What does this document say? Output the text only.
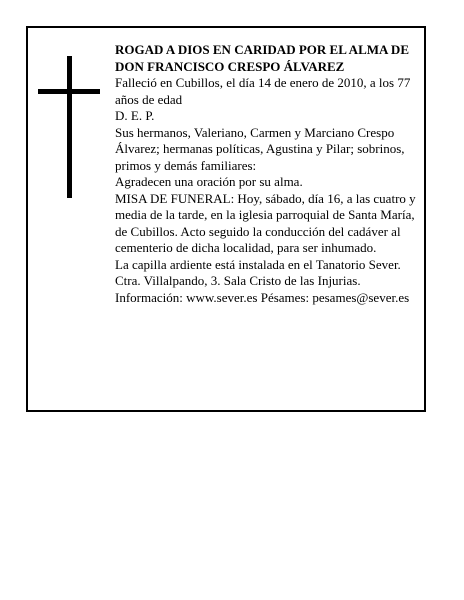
ROGAD A DIOS EN CARIDAD POR EL ALMA DE

DON FRANCISCO CRESPO ÁLVAREZ

Falleció en Cubillos, el día 14 de enero de 2010, a los 77 años de edad

D. E. P.

Sus hermanos, Valeriano, Carmen y Marciano Crespo Álvarez; hermanas políticas, Agustina y Pilar; sobrinos, primos y demás familiares:

Agradecen una oración por su alma.

MISA DE FUNERAL: Hoy, sábado, día 16, a las cuatro y media de la tarde, en la iglesia parroquial de Santa María, de Cubillos. Acto seguido la conducción del cadáver al cementerio de dicha localidad, para ser inhumado.

La capilla ardiente está instalada en el Tanatorio Sever. Ctra. Villalpando, 3. Sala Cristo de las Injurias.

Información: www.sever.es Pésames: pesames@sever.es
